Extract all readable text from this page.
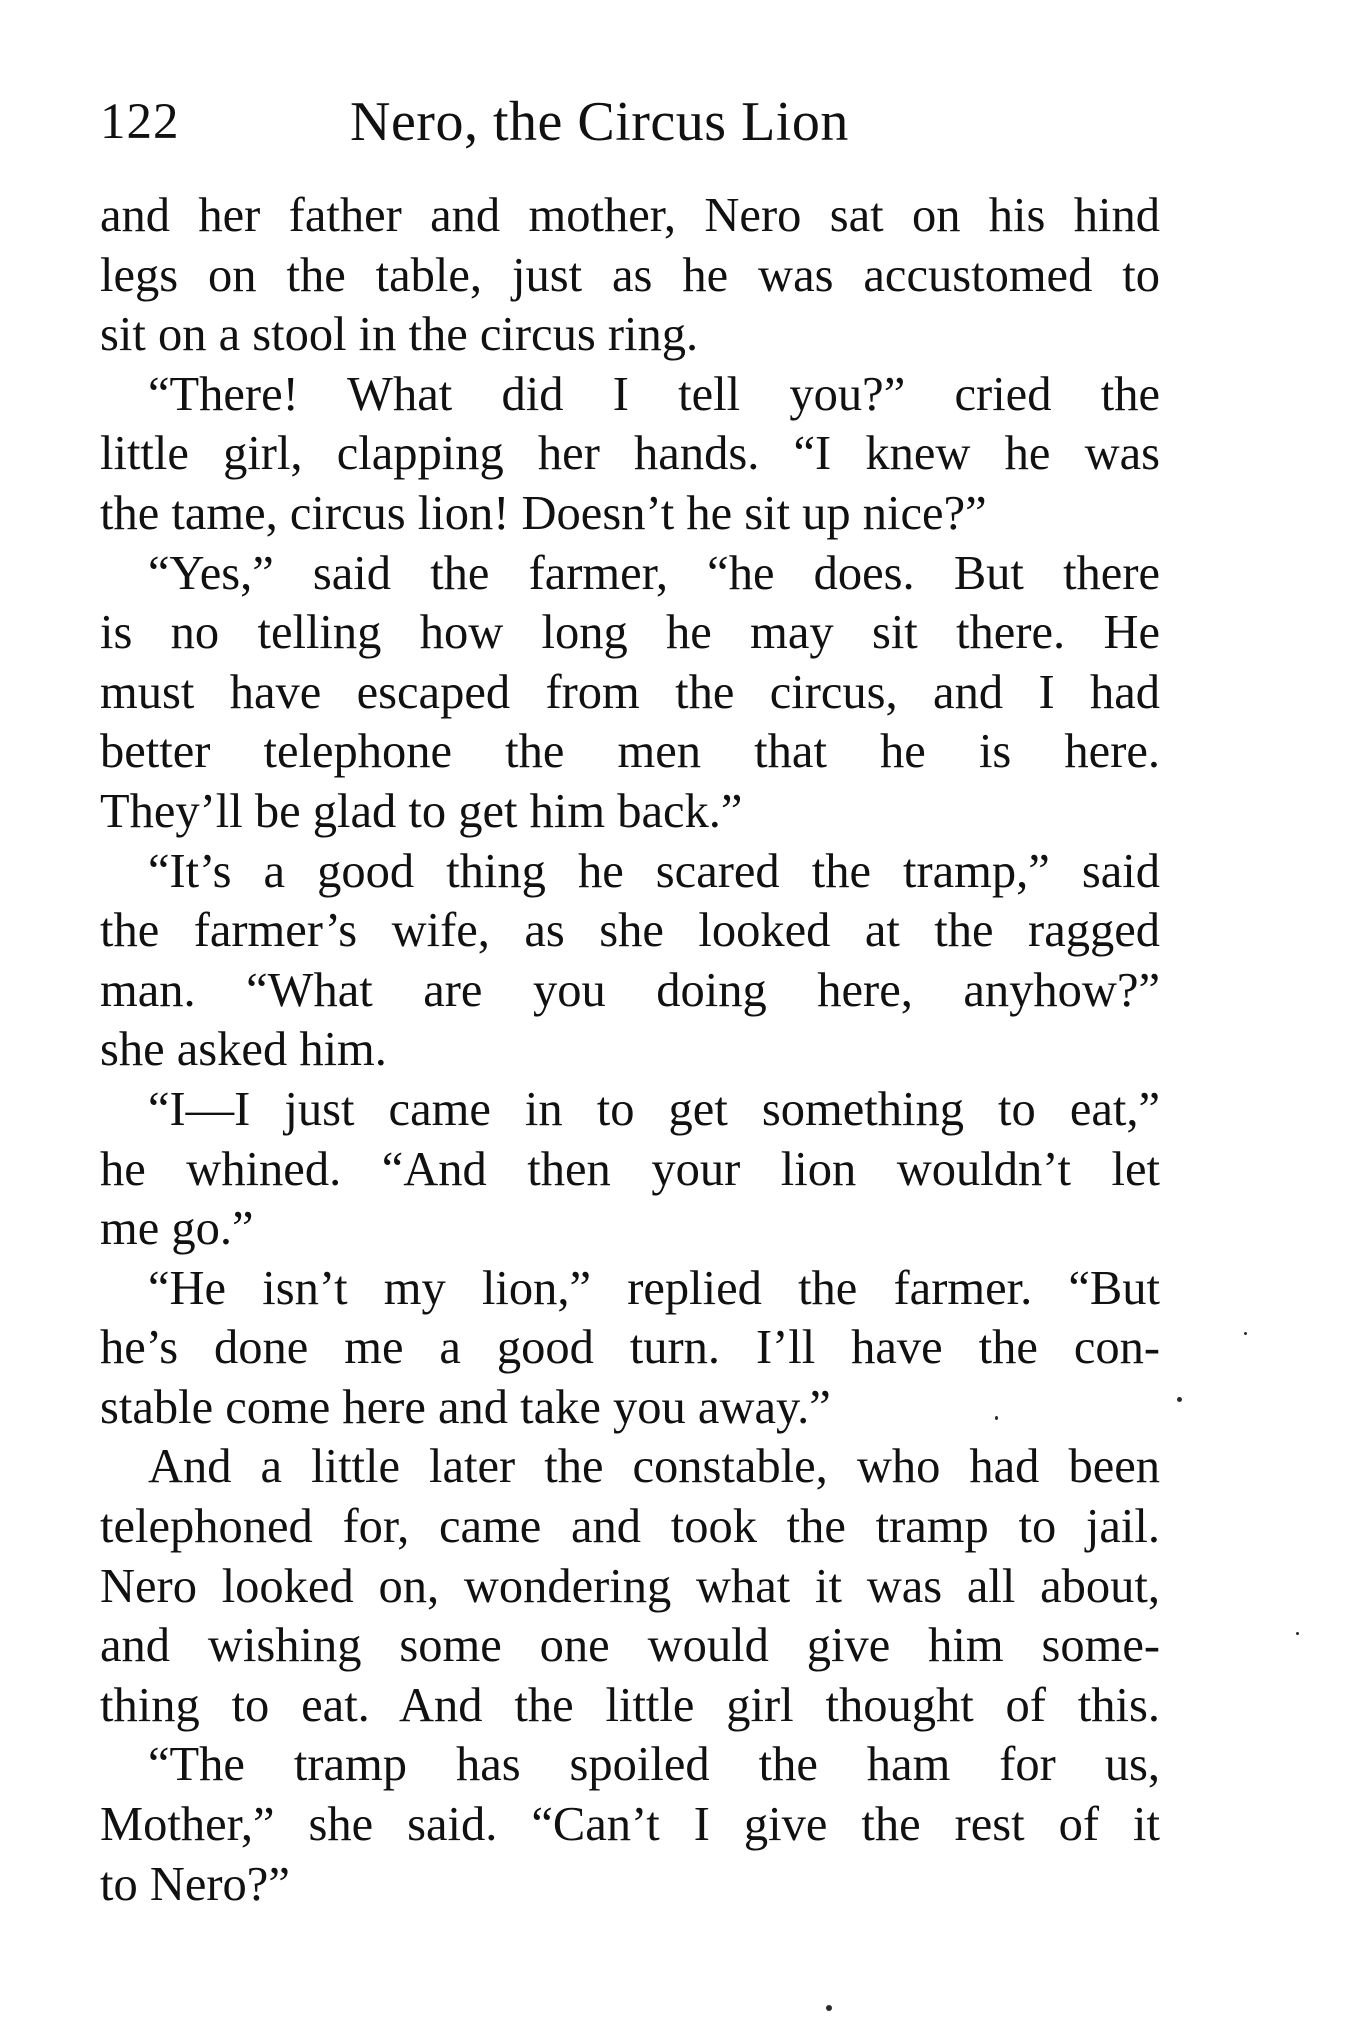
122	Nero, the Circus Lion
and her father and mother, Nero sat on his hind
legs on the table, just as he was accustomed to
sit on a stool in the circus ring.
“There! What did I tell you?” cried the
little girl, clapping her hands. “I knew he was
the tame, circus lion! Doesn’t he sit up nice?”
“Yes,” said the farmer, “he does. But there
is no telling how long he may sit there. He
must have escaped from the circus, and I had
better telephone the men that he is here.
They’ll be glad to get him back.”
“It’s a good thing he scared the tramp,” said
the farmer’s wife, as she looked at the ragged
man. “What are you doing here, anyhow?”
she asked him.
“I—I just came in to get something to eat,”
he whined. “And then your lion wouldn’t let
me go.”
“He isn’t my lion,” replied the farmer. “But
he’s done me a good turn. I’ll have the con-
stable come here and take you away.”
And a little later the constable, who had been
telephoned for, came and took the tramp to jail.
Nero looked on, wondering what it was all about,
and wishing some one would give him some-
thing to eat. And the little girl thought of this.
“The tramp has spoiled the ham for us,
Mother,” she said. “Can’t I give the rest of it
to Nero?”
